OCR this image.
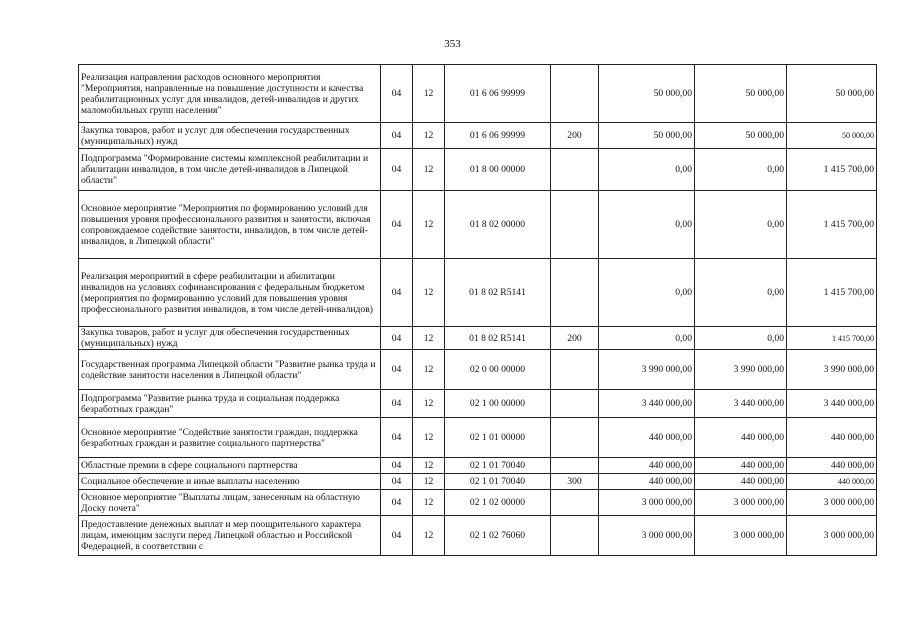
353
Реализация направления расходов основного мероприятия "Мероприятия, направленные на повышение доступности и качества реабилитационных услуг для инвалидов, детей-инвалидов и других маломобильных групп населения"	04	12	01 6 06 99999		50 000,00	50 000,00	50 000,00
Закупка товаров, работ и услуг для обеспечения государственных (муниципальных) нужд	04	12	01 6 06 99999	200	50 000,00	50 000,00	50 000,00
Подпрограмма "Формирование системы комплексной реабилитации и абилитации инвалидов, в том числе детей-инвалидов в Липецкой области"	04	12	01 8 00 00000		0,00	0,00	1 415 700,00
Основное мероприятие "Мероприятия по формированию условий для повышения уровня профессионального развития и занятости, включая сопровождаемое содействие занятости, инвалидов, в том числе детей-инвалидов, в Липецкой области"	04	12	01 8 02 00000		0,00	0,00	1 415 700,00
Реализация мероприятий в сфере реабилитации и абилитации инвалидов на условиях софинансирования с федеральным бюджетом (мероприятия по формированию условий для повышения уровня профессионального развития инвалидов, в том числе детей-инвалидов)	04	12	01 8 02 R5141		0,00	0,00	1 415 700,00
Закупка товаров, работ и услуг для обеспечения государственных (муниципальных) нужд	04	12	01 8 02 R5141	200	0,00	0,00	1 415 700,00
Государственная программа Липецкой области "Развитие рынка труда и содействие занятости населения в Липецкой области"	04	12	02 0 00 00000		3 990 000,00	3 990 000,00	3 990 000,00
Подпрограмма "Развитие рынка труда и социальная поддержка безработных граждан"	04	12	02 1 00 00000		3 440 000,00	3 440 000,00	3 440 000,00
Основное мероприятие "Содействие занятости граждан, поддержка безработных граждан и развитие социального партнерства"	04	12	02 1 01 00000		440 000,00	440 000,00	440 000,00
Областные премии в сфере социального партнерства	04	12	02 1 01 70040		440 000,00	440 000,00	440 000,00
Социальное обеспечение и иные выплаты населению	04	12	02 1 01 70040	300	440 000,00	440 000,00	440 000,00
Основное мероприятие "Выплаты лицам, занесенным на областную Доску почета"	04	12	02 1 02 00000		3 000 000,00	3 000 000,00	3 000 000,00
Предоставление денежных выплат и мер поощрительного характера лицам, имеющим заслуги перед Липецкой областью и Российской Федерацией, в соответствии с	04	12	02 1 02 76060		3 000 000,00	3 000 000,00	3 000 000,00
